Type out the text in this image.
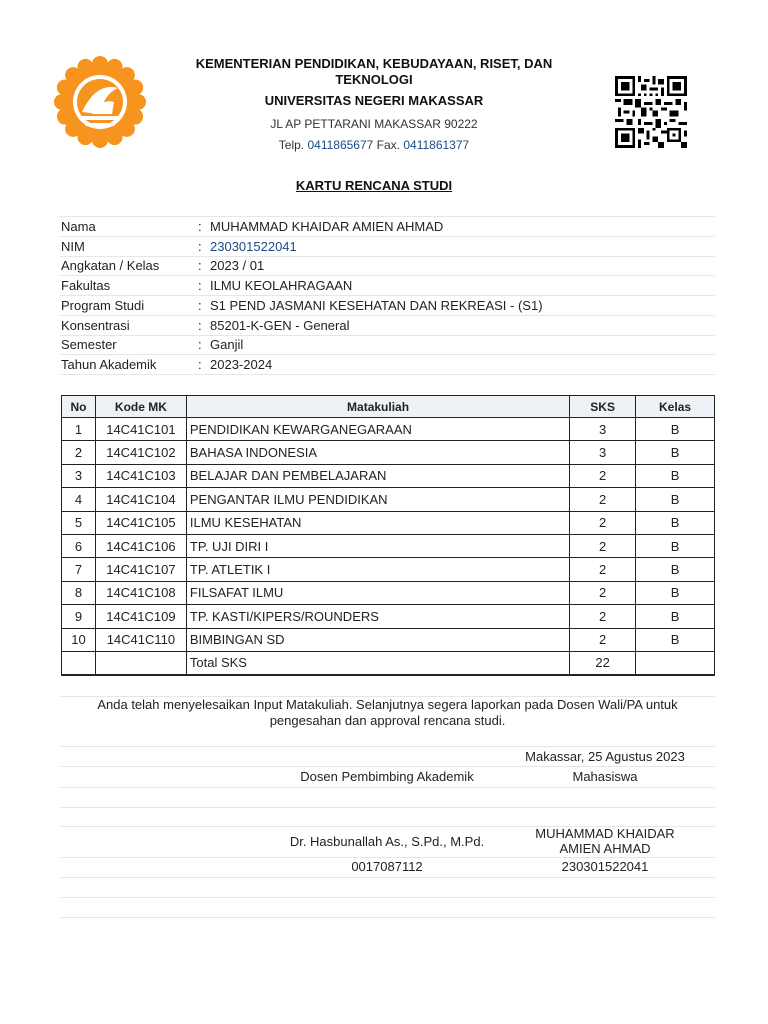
KEMENTERIAN PENDIDIKAN, KEBUDAYAAN, RISET, DAN TEKNOLOGI
UNIVERSITAS NEGERI MAKASSAR
JL AP PETTARANI MAKASSAR 90222
Telp. 0411865677 Fax. 0411861377
KARTU RENCANA STUDI
Nama	: MUHAMMAD KHAIDAR AMIEN AHMAD
NIM	: 230301522041
Angkatan / Kelas	: 2023 / 01
Fakultas	: ILMU KEOLAHRAGAAN
Program Studi	: S1 PEND JASMANI KESEHATAN DAN REKREASI - (S1)
Konsentrasi	: 85201-K-GEN - General
Semester	: Ganjil
Tahun Akademik	: 2023-2024
No	Kode MK	Matakuliah	SKS	Kelas
1	14C41C101	PENDIDIKAN KEWARGANEGARAAN	3	B
2	14C41C102	BAHASA INDONESIA	3	B
3	14C41C103	BELAJAR DAN PEMBELAJARAN	2	B
4	14C41C104	PENGANTAR ILMU PENDIDIKAN	2	B
5	14C41C105	ILMU KESEHATAN	2	B
6	14C41C106	TP. UJI DIRI I	2	B
7	14C41C107	TP. ATLETIK I	2	B
8	14C41C108	FILSAFAT ILMU	2	B
9	14C41C109	TP. KASTI/KIPERS/ROUNDERS	2	B
10	14C41C110	BIMBINGAN SD	2	B
		Total SKS	22	
Anda telah menyelesaikan Input Matakuliah. Selanjutnya segera laporkan pada Dosen Wali/PA untuk pengesahan dan approval rencana studi.
Makassar, 25 Agustus 2023
Dosen Pembimbing Akademik	Mahasiswa
Dr. Hasbunallah As., S.Pd., M.Pd.
MUHAMMAD KHAIDAR AMIEN AHMAD
0017087112	230301522041
